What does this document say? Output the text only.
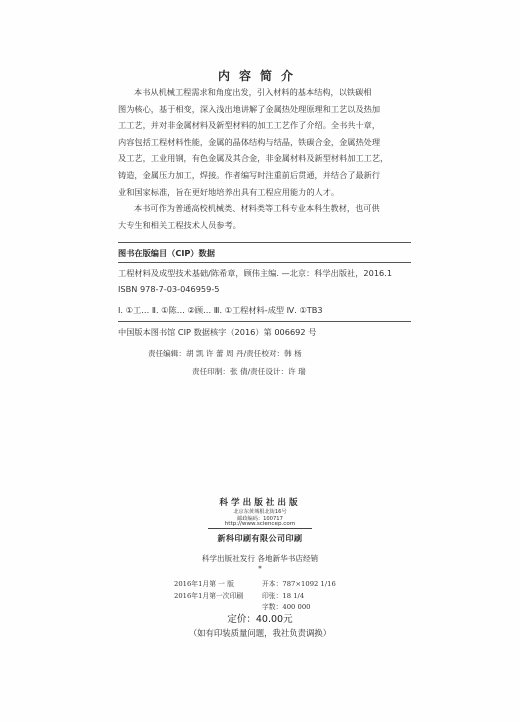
内容简介

本书从机械工程需求和角度出发，引入材料的基本结构，以铁碳相

图为核心，基于相变，深入浅出地讲解了金属热处理原理和工艺以及热加

工工艺，并对非金属材料及新型材料的加工工艺作了介绍。全书共十章，

内容包括工程材料性能，金属的晶体结构与结晶，铁碳合金，金属热处理

及工艺，工业用钢，有色金属及其合金，非金属材料及新型材料加工工艺，

铸造，金属压力加工，焊接。作者编写时注重前后贯通，并结合了最新行

业和国家标准，旨在更好地培养出具有工程应用能力的人才。

本书可作为普通高校机械类、材料类等工科专业本科生教材，也可供

大专生和相关工程技术人员参考。

图书在版编目（CIP）数据
工程材料及成型技术基础/陈希章，顾伟主编. —北京：科学出版社，2016.1
ISBN 978-7-03-046959-5
Ⅰ. ①工… Ⅱ. ①陈… ②顾… Ⅲ. ①工程材料-成型 Ⅳ. ①TB3
中国版本图书馆 CIP 数据核字（2016）第 006692 号
责任编辑：胡 凯 许 蕾 周 丹/责任校对：韩 杨
责任印制：张 倩/责任设计：许 瑞
科学出版社出版
北京东黄城根北街16号
邮政编码：100717
http://www.sciencep.com
新科印刷有限公司印刷
科学出版社发行 各地新华书店经销
*
2016年1月第 一 版	开本：787×1092 1/16
2016年1月第一次印刷	印张：18 1/4
字数：400 000
定价：40.00元
（如有印装质量问题，我社负责调换）
